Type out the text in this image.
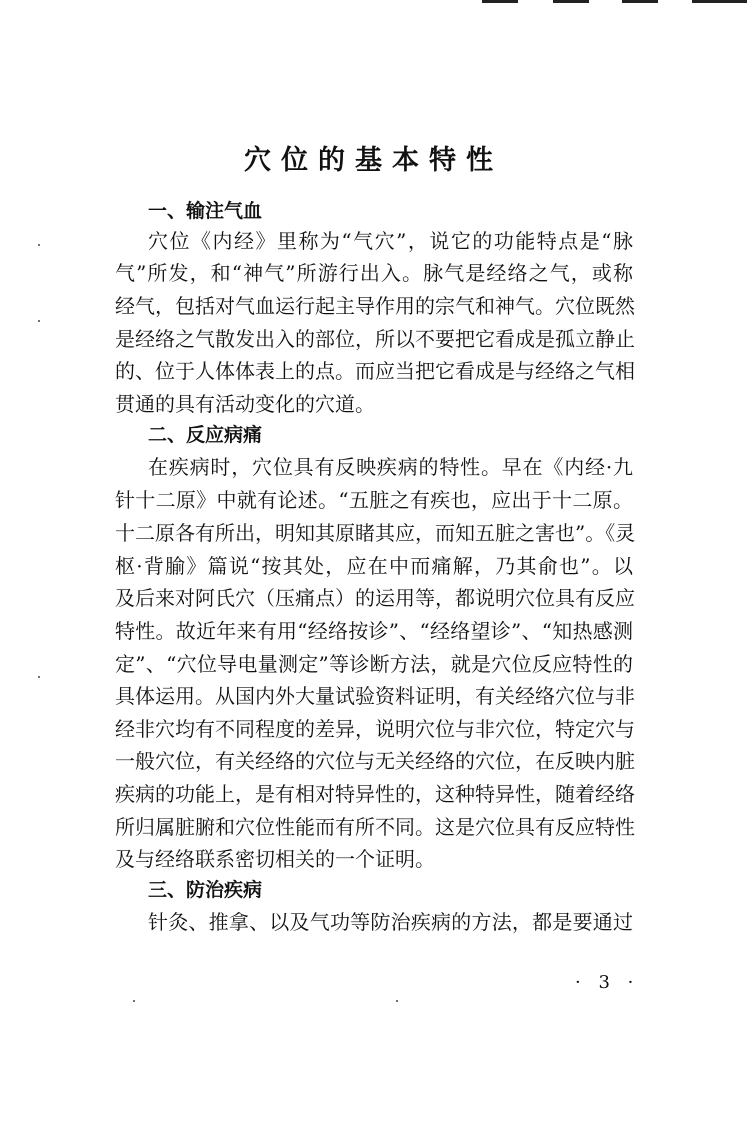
穴位的基本特性
一、输注气血
穴位《内经》里称为“气穴”，说它的功能特点是“脉
气”所发，和“神气”所游行出入。脉气是经络之气，或称
经气，包括对气血运行起主导作用的宗气和神气。穴位既然
是经络之气散发出入的部位，所以不要把它看成是孤立静止
的、位于人体体表上的点。而应当把它看成是与经络之气相
贯通的具有活动变化的穴道。
二、反应病痛
在疾病时，穴位具有反映疾病的特性。早在《内经·九
针十二原》中就有论述。“五脏之有疾也，应出于十二原。
十二原各有所出，明知其原睹其应，而知五脏之害也”。《灵
枢·背腧》篇说“按其处，应在中而痛解，乃其俞也”。以
及后来对阿氏穴（压痛点）的运用等，都说明穴位具有反应
特性。故近年来有用“经络按诊”、“经络望诊”、“知热感测
定”、“穴位导电量测定”等诊断方法，就是穴位反应特性的
具体运用。从国内外大量试验资料证明，有关经络穴位与非
经非穴均有不同程度的差异，说明穴位与非穴位，特定穴与
一般穴位，有关经络的穴位与无关经络的穴位，在反映内脏
疾病的功能上，是有相对特异性的，这种特异性，随着经络
所归属脏腑和穴位性能而有所不同。这是穴位具有反应特性
及与经络联系密切相关的一个证明。
三、防治疾病
针灸、推拿、以及气功等防治疾病的方法，都是要通过
· 3 ·
